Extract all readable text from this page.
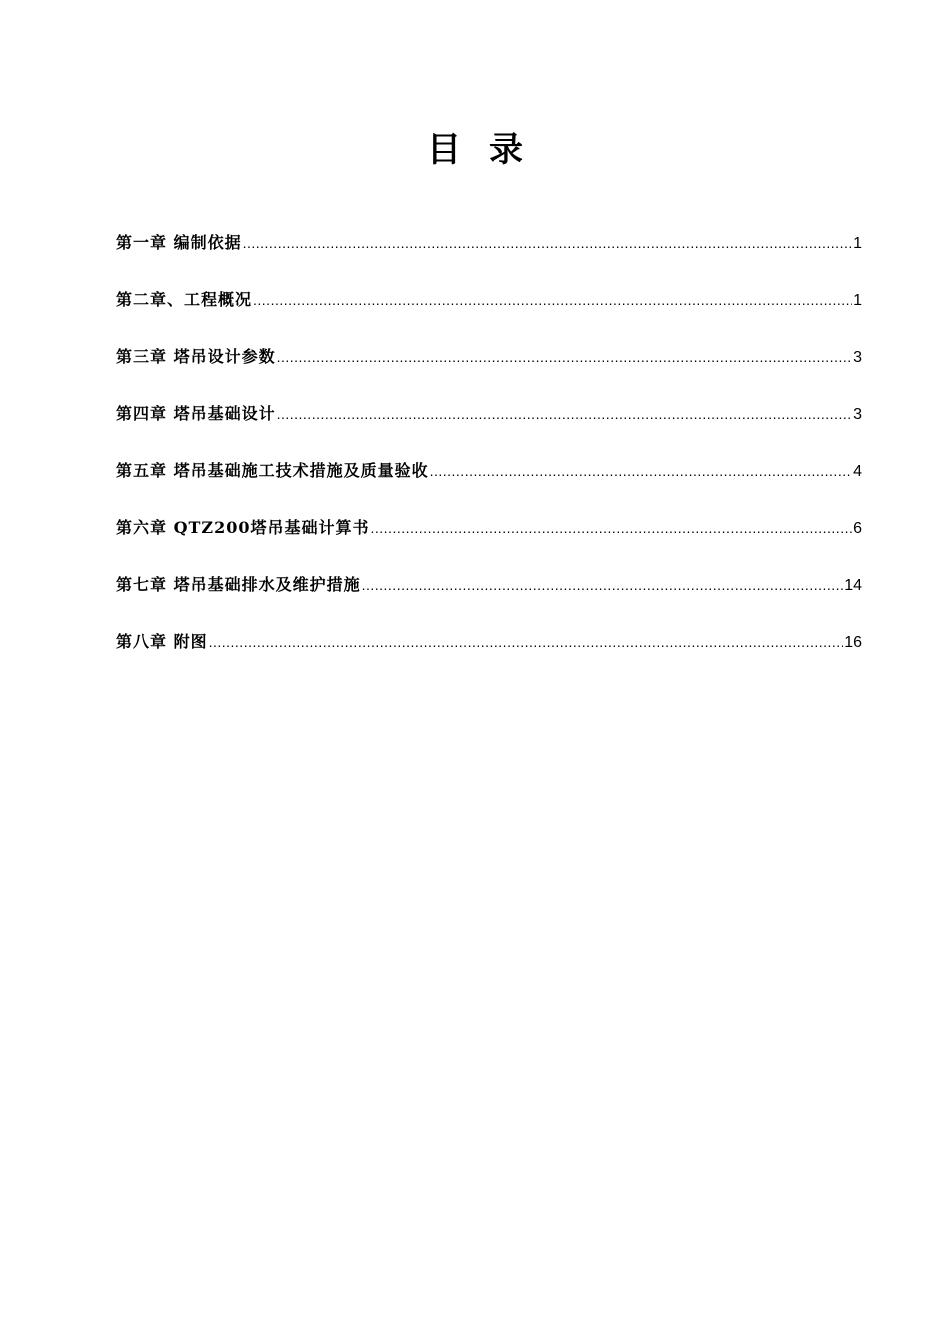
目录
第一章 编制依据 .....	1
第二章、工程概况 .....	1
第三章 塔吊设计参数 .....	3
第四章 塔吊基础设计 .....	3
第五章 塔吊基础施工技术措施及质量验收 .....	4
第六章 QTZ200塔吊基础计算书 .....	6
第七章 塔吊基础排水及维护措施 .....	14
第八章 附图 .....	16
